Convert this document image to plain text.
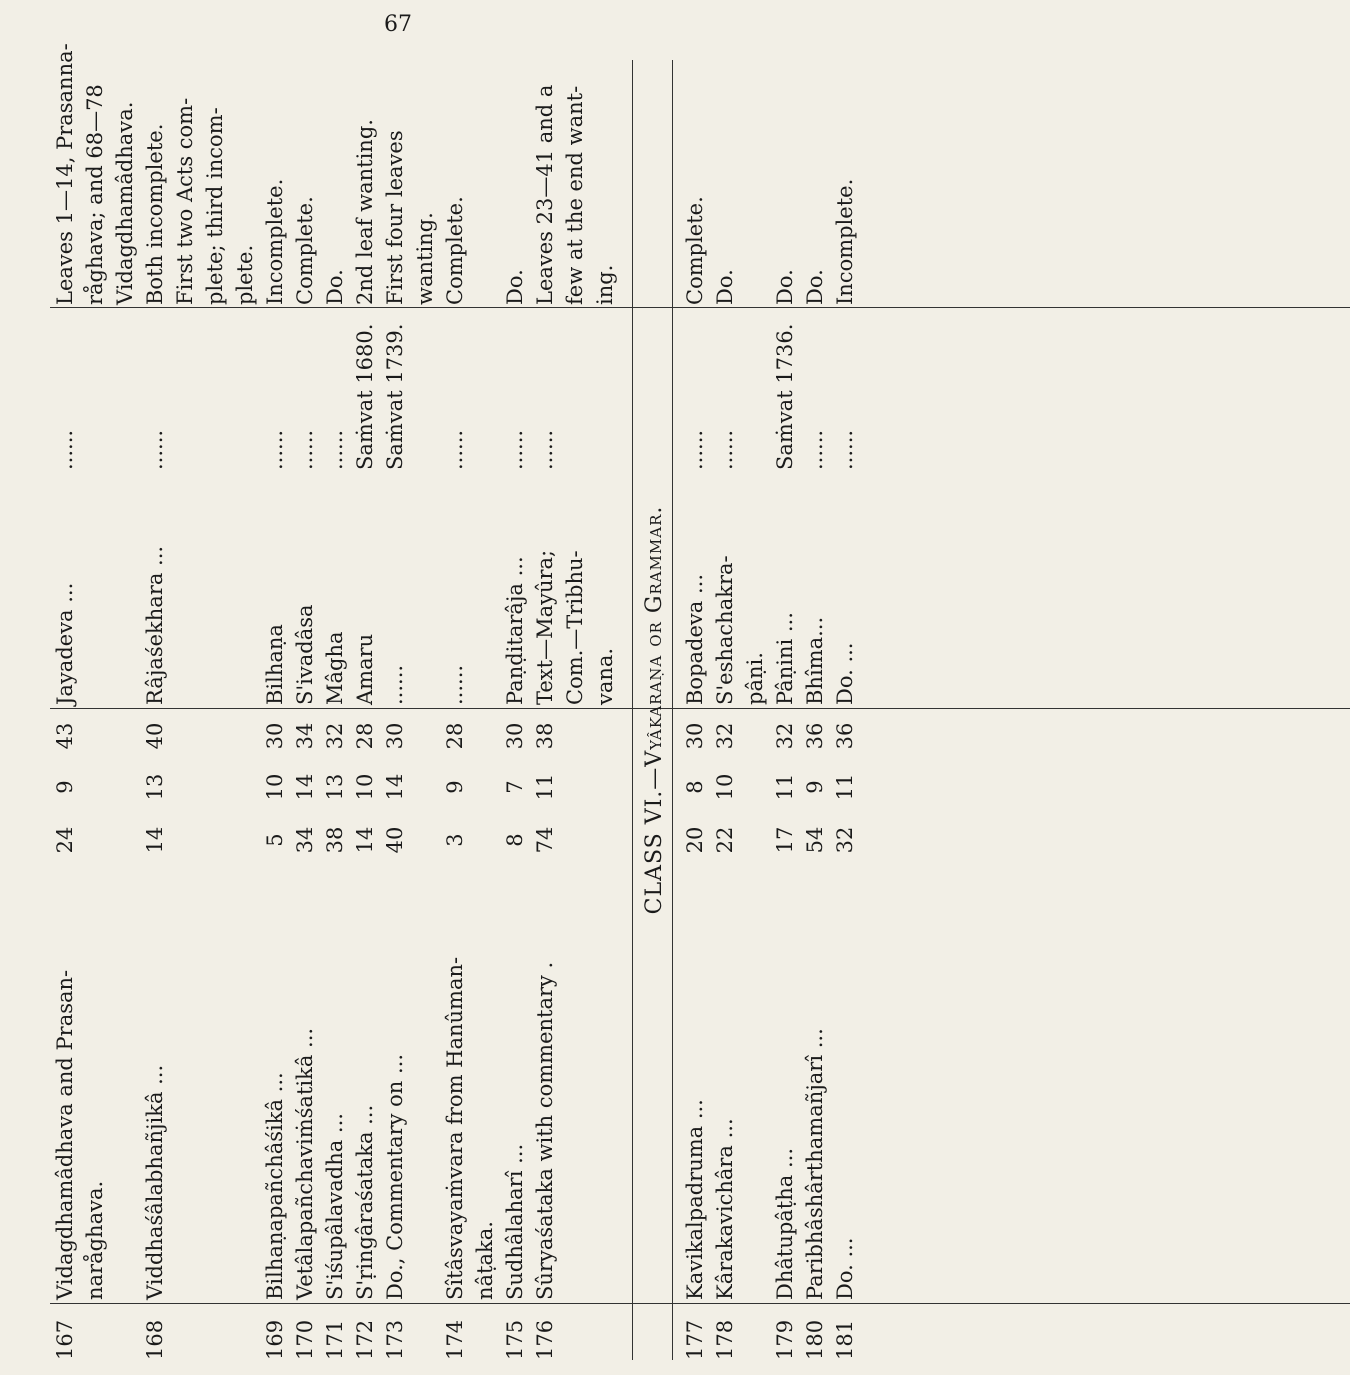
67
167
Vidagdhamâdhava and Prasan-
24
9
43
Jayadeva ...
......
Leaves 1—14, Prasanna-
naråghava.
råghava; and 68—78 Vidagdhamâdhava.
168
Viddhaśâlabhañjikâ ...
14
13
40
Râjaśekhara ...
......
Both incomplete. First two Acts com- plete; third incom- plete.
169
Bilhaṇapañchâśikâ ...
5
10
30
Bilhaṇa
......
Incomplete.
170
Vetâlapañchaviṁśatikâ ...
34
14
34
S'ivadâsa
......
Complete.
171
S'iśupâlavadha ...
38
13
32
Mâgha
......
Do.
172
S'ṛingâraśataka ...
14
10
28
Amaru
Saṁvat 1680.
2nd leaf wanting.
173
Do., Commentary on ...
40
14
30
......
Saṁvat 1739.
First four leaves wanting.
174
Sîtâsvayaṁvara from Hanûman-
3
9
28
......
......
Complete.
nâṭaka.
175
Sudhâlaharî ...
8
7
30
Paṇḍitarâja ...
......
Do.
176
Sûryaśataka with commentary .
74
11
38
Text—Mayûra;
......
Leaves 23—41 and a
Com.—Tribhu-
few at the end want-
vana.
ing.
CLASS VI.—Vyâkaraṇa or Grammar.
177
Kavikalpadruma ...
20
8
30
Bopadeva ...
......
Complete.
178
Kârakavichâra ...
22
10
32
S'eshachakra-
......
Do.
pâṇi.
179
Dhâtupâṭha ...
17
11
32
Pâṇini ...
Saṁvat 1736.
Do.
180
Paribhâshârthamañjarî ...
54
9
36
Bhîma...
......
Do.
181
Do. ...
32
11
36
Do. ...
......
Incomplete.
